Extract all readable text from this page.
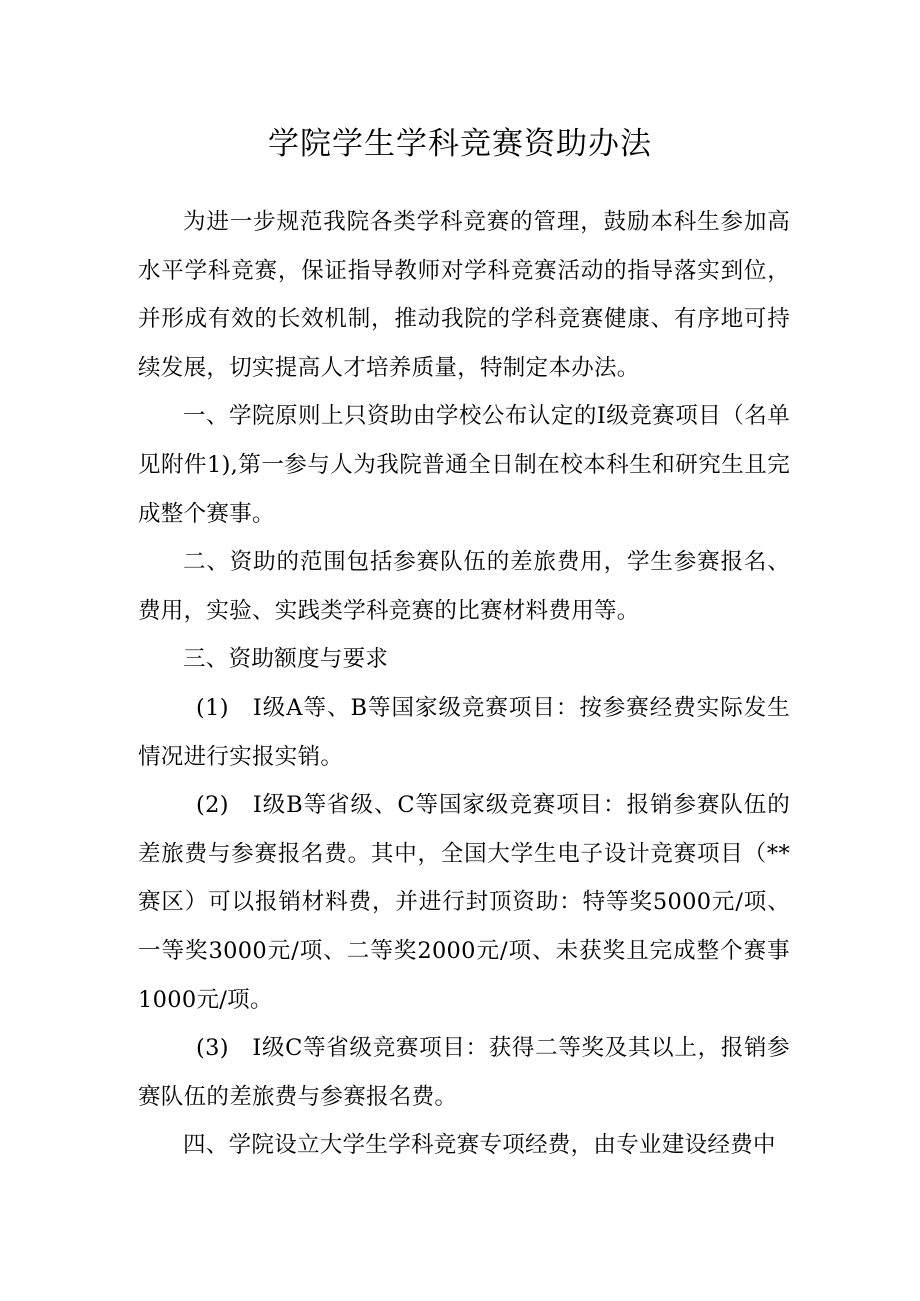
学院学生学科竞赛资助办法

为进一步规范我院各类学科竞赛的管理，鼓励本科生参加高水平学科竞赛，保证指导教师对学科竞赛活动的指导落实到位，并形成有效的长效机制，推动我院的学科竞赛健康、有序地可持续发展，切实提高人才培养质量，特制定本办法。

一、学院原则上只资助由学校公布认定的I级竞赛项目（名单见附件1),第一参与人为我院普通全日制在校本科生和研究生且完成整个赛事。

二、资助的范围包括参赛队伍的差旅费用，学生参赛报名、费用，实验、实践类学科竞赛的比赛材料费用等。

三、资助额度与要求

(1)　I级A等、B等国家级竞赛项目：按参赛经费实际发生情况进行实报实销。

(2)　I级B等省级、C等国家级竞赛项目：报销参赛队伍的差旅费与参赛报名费。其中，全国大学生电子设计竞赛项目（**赛区）可以报销材料费，并进行封顶资助：特等奖5000元/项、一等奖3000元/项、二等奖2000元/项、未获奖且完成整个赛事1000元/项。

(3)　I级C等省级竞赛项目：获得二等奖及其以上，报销参赛队伍的差旅费与参赛报名费。

四、学院设立大学生学科竞赛专项经费，由专业建设经费中
